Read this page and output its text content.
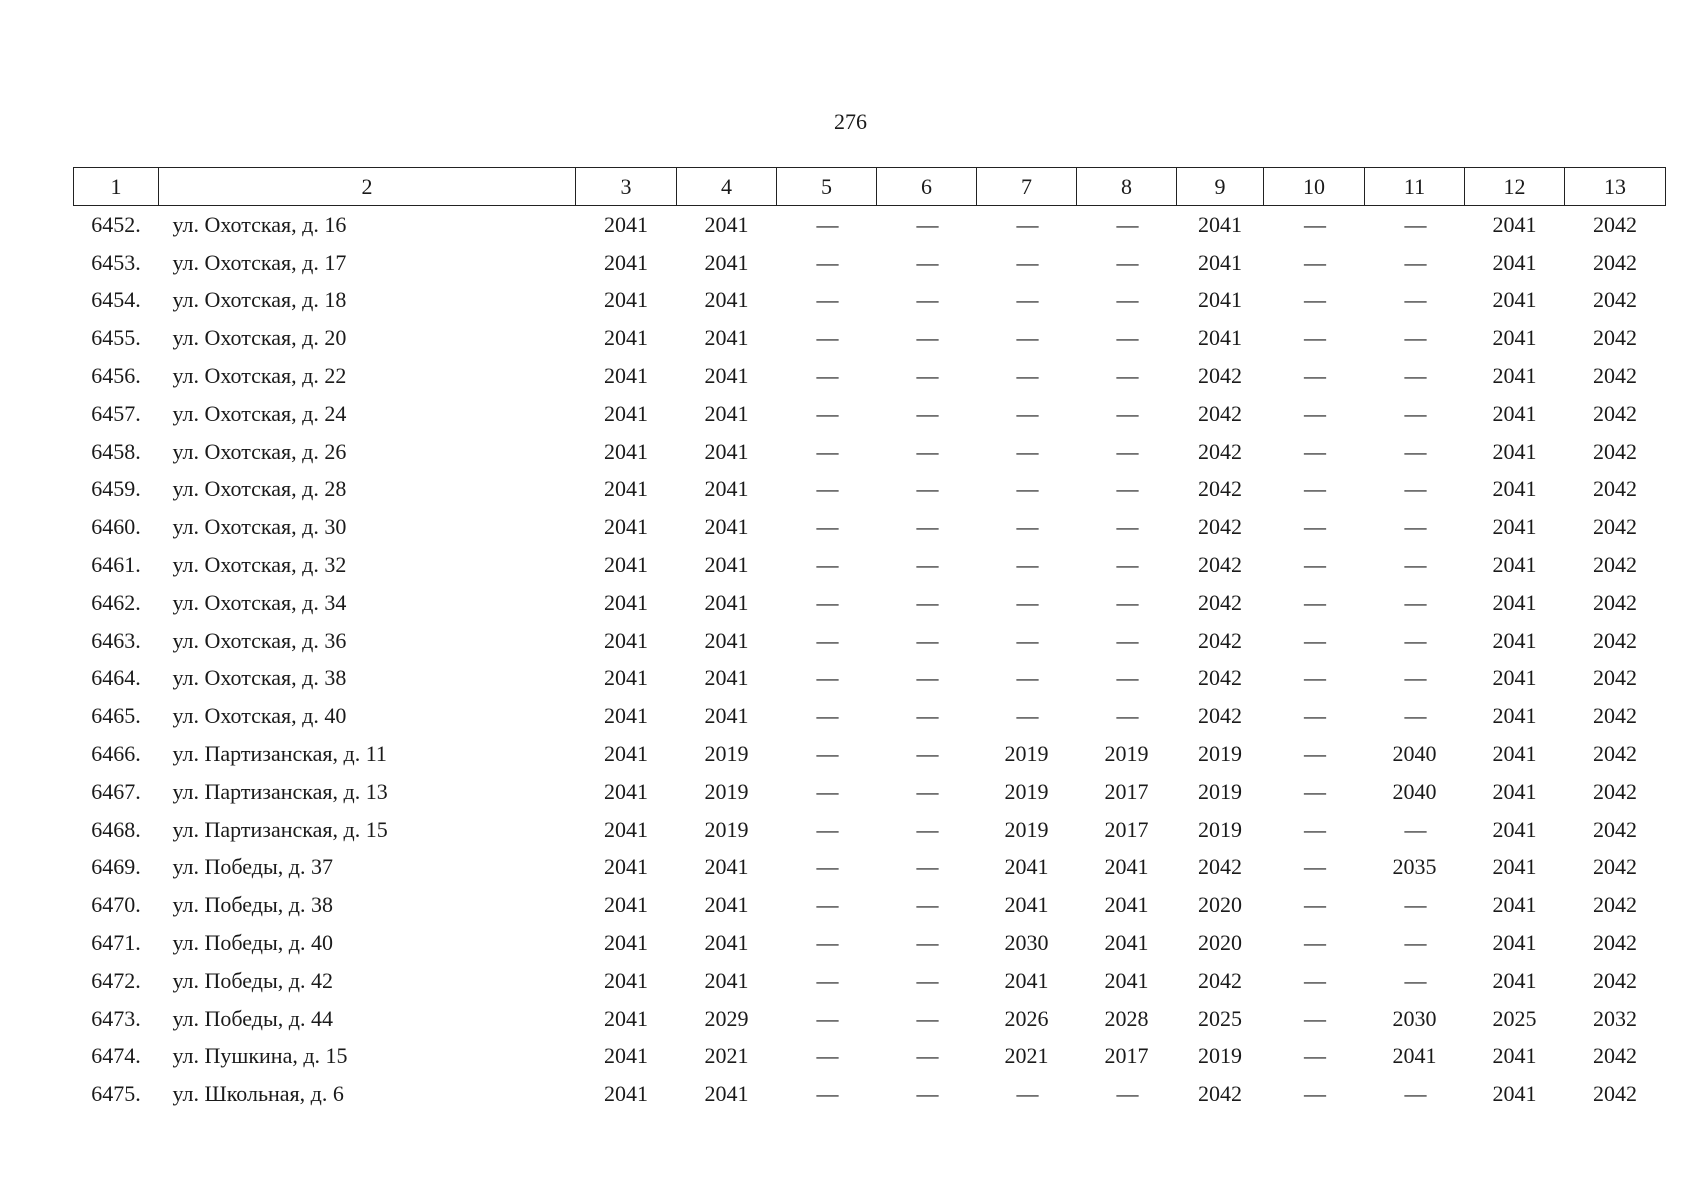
276
1	2	3	4	5	6	7	8	9	10	11	12	13
6452.	ул. Охотская, д. 16	2041	2041	—	—	—	—	2041	—	—	2041	2042
6453.	ул. Охотская, д. 17	2041	2041	—	—	—	—	2041	—	—	2041	2042
6454.	ул. Охотская, д. 18	2041	2041	—	—	—	—	2041	—	—	2041	2042
6455.	ул. Охотская, д. 20	2041	2041	—	—	—	—	2041	—	—	2041	2042
6456.	ул. Охотская, д. 22	2041	2041	—	—	—	—	2042	—	—	2041	2042
6457.	ул. Охотская, д. 24	2041	2041	—	—	—	—	2042	—	—	2041	2042
6458.	ул. Охотская, д. 26	2041	2041	—	—	—	—	2042	—	—	2041	2042
6459.	ул. Охотская, д. 28	2041	2041	—	—	—	—	2042	—	—	2041	2042
6460.	ул. Охотская, д. 30	2041	2041	—	—	—	—	2042	—	—	2041	2042
6461.	ул. Охотская, д. 32	2041	2041	—	—	—	—	2042	—	—	2041	2042
6462.	ул. Охотская, д. 34	2041	2041	—	—	—	—	2042	—	—	2041	2042
6463.	ул. Охотская, д. 36	2041	2041	—	—	—	—	2042	—	—	2041	2042
6464.	ул. Охотская, д. 38	2041	2041	—	—	—	—	2042	—	—	2041	2042
6465.	ул. Охотская, д. 40	2041	2041	—	—	—	—	2042	—	—	2041	2042
6466.	ул. Партизанская, д. 11	2041	2019	—	—	2019	2019	2019	—	2040	2041	2042
6467.	ул. Партизанская, д. 13	2041	2019	—	—	2019	2017	2019	—	2040	2041	2042
6468.	ул. Партизанская, д. 15	2041	2019	—	—	2019	2017	2019	—	—	2041	2042
6469.	ул. Победы, д. 37	2041	2041	—	—	2041	2041	2042	—	2035	2041	2042
6470.	ул. Победы, д. 38	2041	2041	—	—	2041	2041	2020	—	—	2041	2042
6471.	ул. Победы, д. 40	2041	2041	—	—	2030	2041	2020	—	—	2041	2042
6472.	ул. Победы, д. 42	2041	2041	—	—	2041	2041	2042	—	—	2041	2042
6473.	ул. Победы, д. 44	2041	2029	—	—	2026	2028	2025	—	2030	2025	2032
6474.	ул. Пушкина, д. 15	2041	2021	—	—	2021	2017	2019	—	2041	2041	2042
6475.	ул. Школьная, д. 6	2041	2041	—	—	—	—	2042	—	—	2041	2042
